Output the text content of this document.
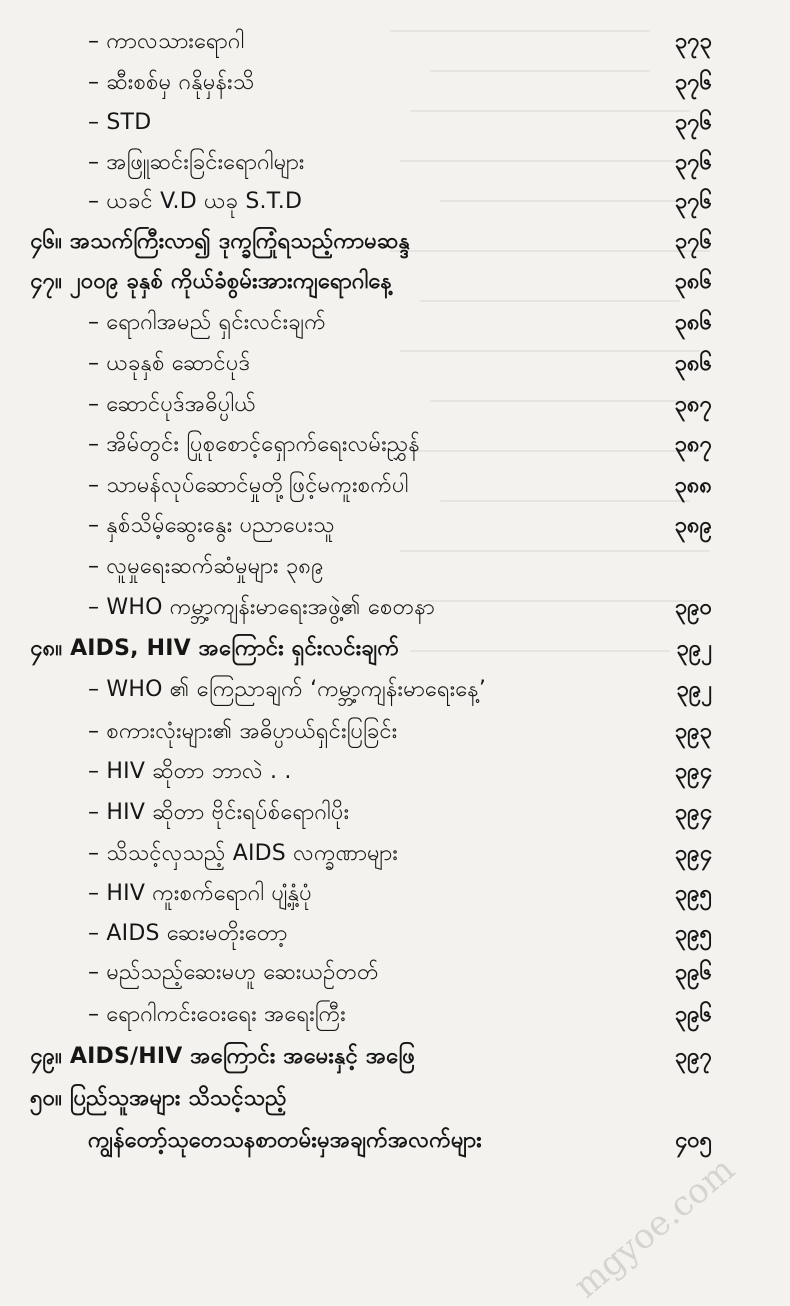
– ကာလသားရောဂါ	၃၇၃
– ဆီးစစ်မှ ဂနိုမှန်းသိ	၃၇၆
– STD	၃၇၆
– အဖြူဆင်းခြင်းရောဂါများ	၃၇၆
– ယခင် V.D ယခု S.T.D	၃၇၆
၄၆။ အသက်ကြီးလာ၍ ဒုက္ခကြုံရသည့်ကာမဆန္ဒ	၃၇၆
၄၇။ ၂၀၀၉ ခုနှစ် ကိုယ်ခံစွမ်းအားကျရောဂါနေ့	၃၈၆
– ရောဂါအမည် ရှင်းလင်းချက်	၃၈၆
– ယခုနှစ် ဆောင်ပုဒ်	၃၈၆
– ဆောင်ပုဒ်အဓိပ္ပါယ်	၃၈၇
– အိမ်တွင်း ပြုစုစောင့်ရှောက်ရေးလမ်းညွှန်	၃၈၇
– သာမန်လုပ်ဆောင်မှုတို့ဖြင့်မကူးစက်ပါ	၃၈၈
– နှစ်သိမ့်ဆွေးနွေး ပညာပေးသူ	၃၈၉
– လူမှုရေးဆက်ဆံမှုများ ၃၈၉
– WHO ကမ္ဘာ့ကျန်းမာရေးအဖွဲ့၏ စေတနာ	၃၉၀
၄၈။ AIDS, HIV အကြောင်း ရှင်းလင်းချက်	၃၉၂
– WHO ၏ ကြေညာချက် ‘ကမ္ဘာ့ကျန်းမာရေးနေ့’	၃၉၂
– စကားလုံးများ၏ အဓိပ္ပာယ်ရှင်းပြခြင်း	၃၉၃
– HIV ဆိုတာ ဘာလဲ . .	၃၉၄
– HIV ဆိုတာ ဗိုင်းရပ်စ်ရောဂါပိုး	၃၉၄
– သိသင့်လှသည့် AIDS လက္ခဏာများ	၃၉၄
– HIV ကူးစက်ရောဂါ ပျံ့နှံ့ပုံ	၃၉၅
– AIDS ဆေးမတိုးတော့	၃၉၅
– မည်သည့်ဆေးမဟူ ဆေးယဉ်တတ်	၃၉၆
– ရောဂါကင်းဝေးရေး အရေးကြီး	၃၉၆
၄၉။ AIDS/HIV အကြောင်း အမေးနှင့် အဖြေ	၃၉၇
၅၀။ ပြည်သူအများ သိသင့်သည့်
ကျွန်တော့်သုတေသနစာတမ်းမှအချက်အလက်များ	၄၀၅
mgyoe.com
